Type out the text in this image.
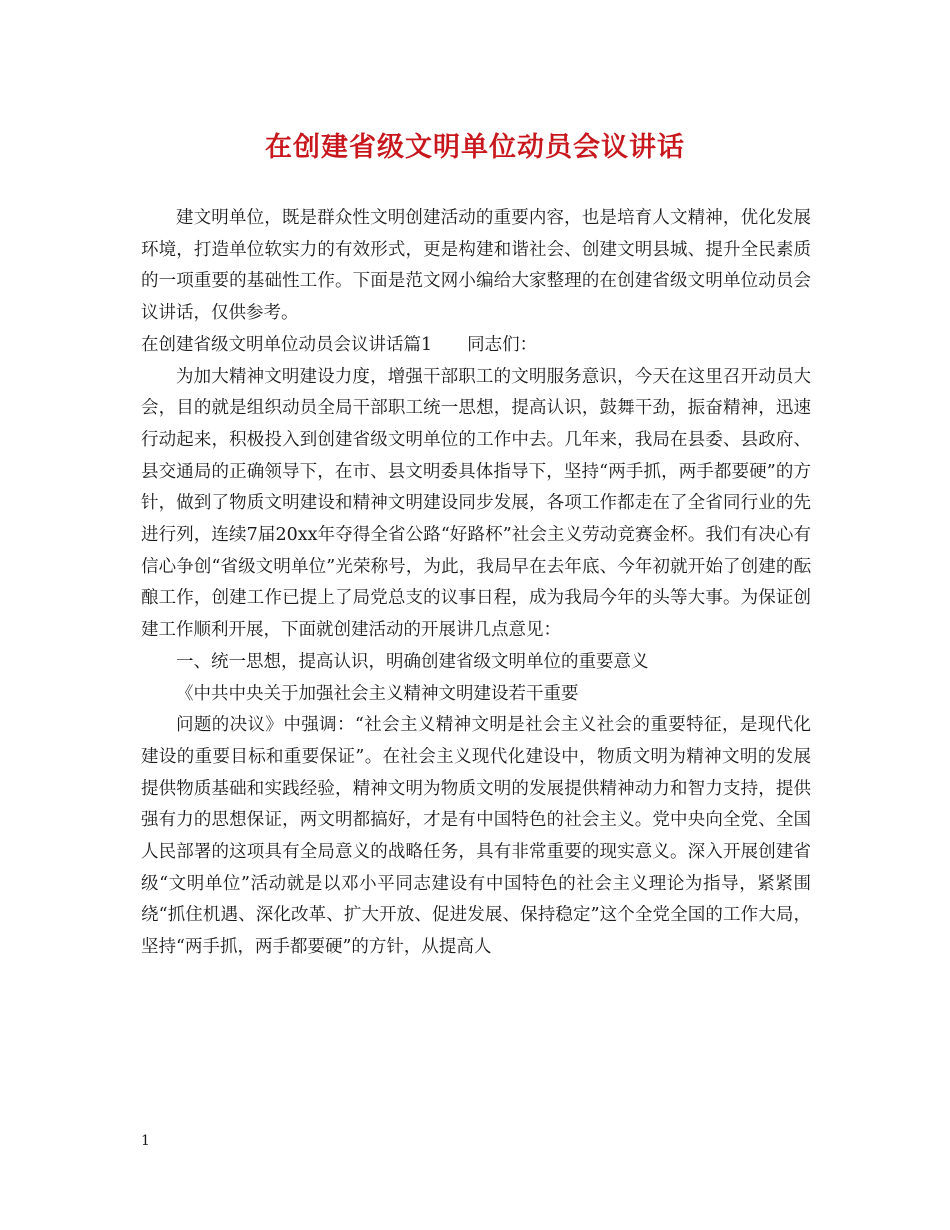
在创建省级文明单位动员会议讲话

建文明单位，既是群众性文明创建活动的重要内容，也是培育人文精神，优化发展环境，打造单位软实力的有效形式，更是构建和谐社会、创建文明县城、提升全民素质的一项重要的基础性工作。下面是范文网小编给大家整理的在创建省级文明单位动员会议讲话，仅供参考。

在创建省级文明单位动员会议讲话篇1　　同志们：

为加大精神文明建设力度，增强干部职工的文明服务意识，今天在这里召开动员大会，目的就是组织动员全局干部职工统一思想，提高认识，鼓舞干劲，振奋精神，迅速行动起来，积极投入到创建省级文明单位的工作中去。几年来，我局在县委、县政府、县交通局的正确领导下，在市、县文明委具体指导下，坚持“两手抓，两手都要硬”的方针，做到了物质文明建设和精神文明建设同步发展，各项工作都走在了全省同行业的先进行列，连续7届20xx年夺得全省公路“好路杯”社会主义劳动竞赛金杯。我们有决心有信心争创“省级文明单位”光荣称号，为此，我局早在去年底、今年初就开始了创建的酝酿工作，创建工作已提上了局党总支的议事日程，成为我局今年的头等大事。为保证创建工作顺利开展，下面就创建活动的开展讲几点意见：

一、统一思想，提高认识，明确创建省级文明单位的重要意义

《中共中央关于加强社会主义精神文明建设若干重要

问题的决议》中强调：“社会主义精神文明是社会主义社会的重要特征，是现代化建设的重要目标和重要保证”。在社会主义现代化建设中，物质文明为精神文明的发展提供物质基础和实践经验，精神文明为物质文明的发展提供精神动力和智力支持，提供强有力的思想保证，两文明都搞好，才是有中国特色的社会主义。党中央向全党、全国人民部署的这项具有全局意义的战略任务，具有非常重要的现实意义。深入开展创建省级“文明单位”活动就是以邓小平同志建设有中国特色的社会主义理论为指导，紧紧围绕“抓住机遇、深化改革、扩大开放、促进发展、保持稳定”这个全党全国的工作大局，坚持“两手抓，两手都要硬”的方针，从提高人

1
